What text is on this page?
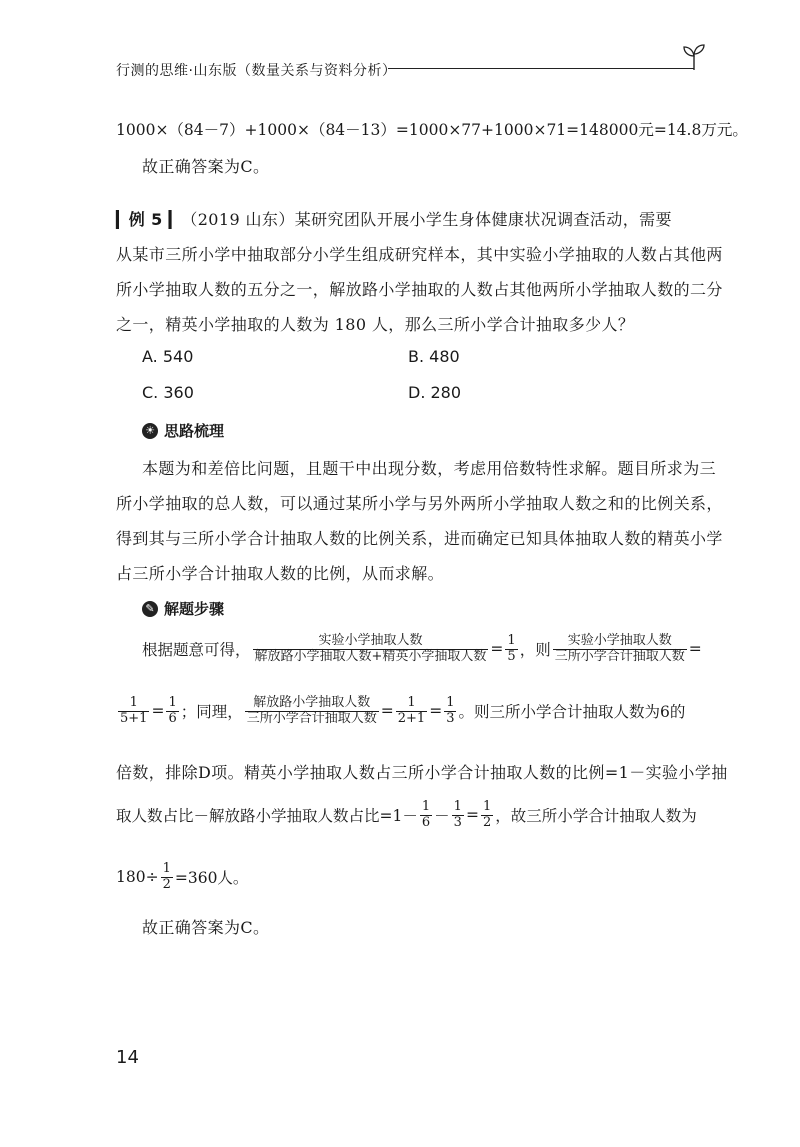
行测的思维·山东版（数量关系与资料分析）
1000×（84－7）+1000×（84－13）=1000×77+1000×71=148000元=14.8万元。
故正确答案为C。
▎例 5 ▎（2019 山东）某研究团队开展小学生身体健康状况调查活动，需要
从某市三所小学中抽取部分小学生组成研究样本，其中实验小学抽取的人数占其他两
所小学抽取人数的五分之一，解放路小学抽取的人数占其他两所小学抽取人数的二分
之一，精英小学抽取的人数为 180 人，那么三所小学合计抽取多少人？
A. 540	B. 480
C. 360	D. 280
☀ 思路梳理
本题为和差倍比问题，且题干中出现分数，考虑用倍数特性求解。题目所求为三
所小学抽取的总人数，可以通过某所小学与另外两所小学抽取人数之和的比例关系，
得到其与三所小学合计抽取人数的比例关系，进而确定已知具体抽取人数的精英小学
占三所小学合计抽取人数的比例，从而求解。
✎ 解题步骤
根据题意可得， $\frac{\text{实验小学抽取人数}}{\text{解放路小学抽取人数+精英小学抽取人数}} = \frac{1}{5}$ ，则 $\frac{\text{实验小学抽取人数}}{\text{三所小学合计抽取人数}}$ =
$\frac{1}{5+1} = \frac{1}{6}$ ；同理， $\frac{\text{解放路小学抽取人数}}{\text{三所小学合计抽取人数}} = \frac{1}{2+1} = \frac{1}{3}$ 。则三所小学合计抽取人数为6的
倍数，排除D项。精英小学抽取人数占三所小学合计抽取人数的比例=1－实验小学抽
取人数占比－解放路小学抽取人数占比$=1- \frac{1}{6} - \frac{1}{3} = \frac{1}{2}$ ，故三所小学合计抽取人数为
$180\div \frac{1}{2} =360$人。
故正确答案为C。
14
